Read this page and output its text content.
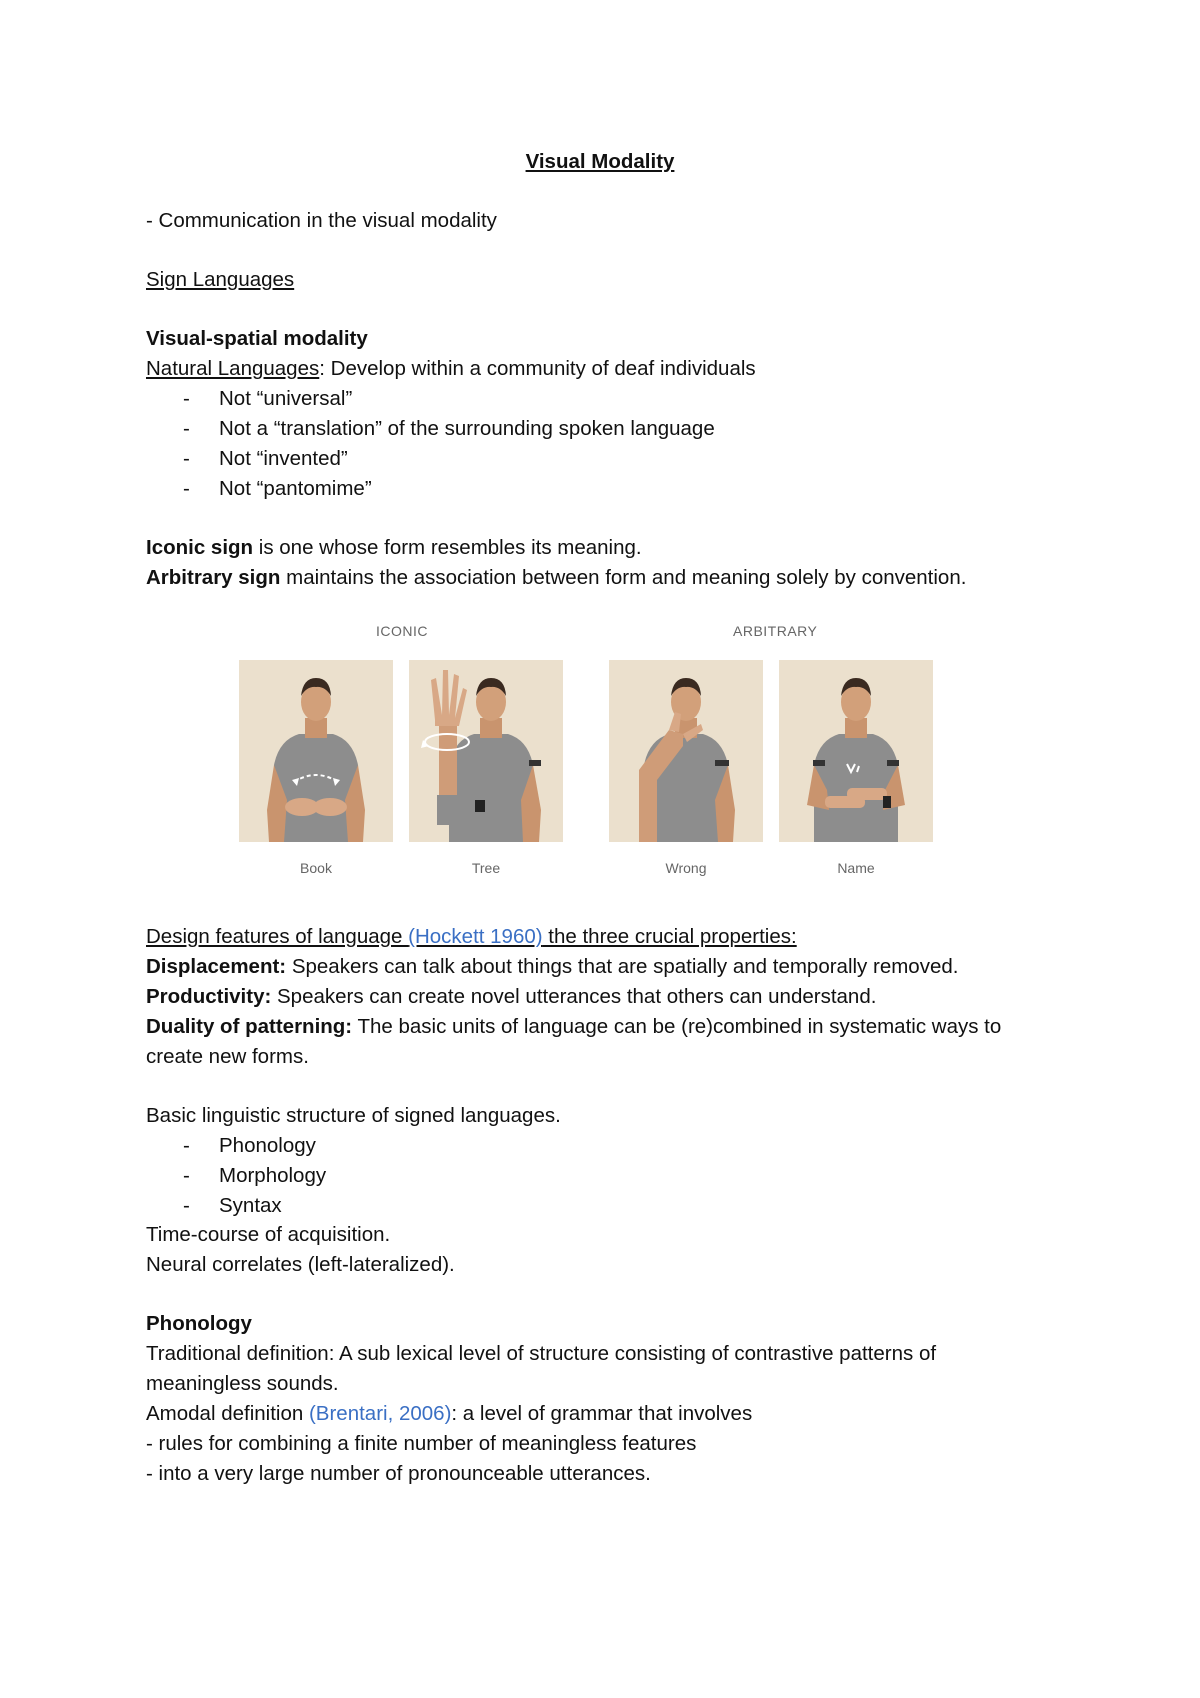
Visual Modality
- Communication in the visual modality
Sign Languages
Visual-spatial modality
Natural Languages: Develop within a community of deaf individuals
- Not “universal”
- Not a “translation” of the surrounding spoken language
- Not “invented”
- Not “pantomime”
Iconic sign is one whose form resembles its meaning.
Arbitrary sign maintains the association between form and meaning solely by convention.
ICONIC	ARBITRARY
Book	Tree	Wrong	Name
Design features of language (Hockett 1960) the three crucial properties:
Displacement: Speakers can talk about things that are spatially and temporally removed.
Productivity: Speakers can create novel utterances that others can understand.
Duality of patterning: The basic units of language can be (re)combined in systematic ways to
create new forms.
Basic linguistic structure of signed languages.
- Phonology
- Morphology
- Syntax
Time-course of acquisition.
Neural correlates (left-lateralized).
Phonology
Traditional definition: A sub lexical level of structure consisting of contrastive patterns of
meaningless sounds.
Amodal definition (Brentari, 2006): a level of grammar that involves
- rules for combining a finite number of meaningless features
- into a very large number of pronounceable utterances.
